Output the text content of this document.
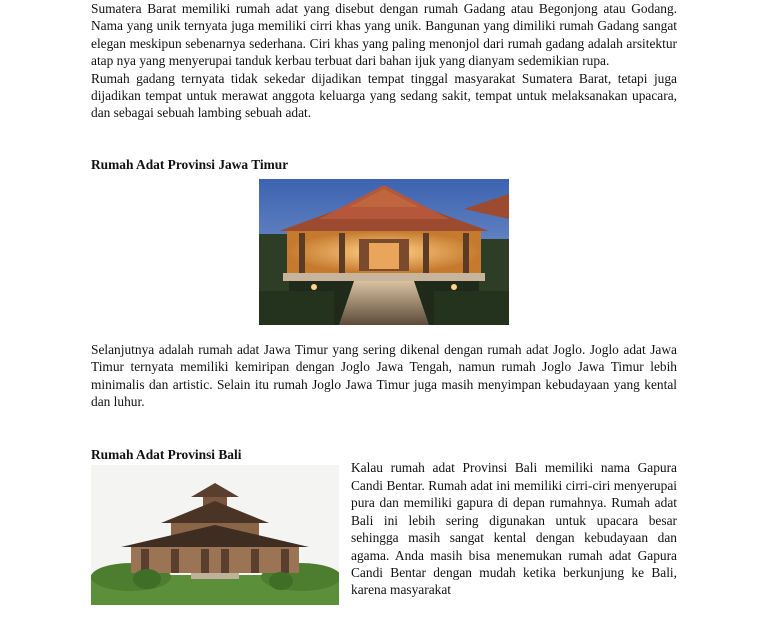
Sumatera Barat memiliki rumah adat yang disebut dengan rumah Gadang atau Begonjong atau Godang. Nama yang unik ternyata juga memiliki cirri khas yang unik. Bangunan yang dimiliki rumah Gadang sangat elegan meskipun sebenarnya sederhana. Ciri khas yang paling menonjol dari rumah gadang adalah arsitektur atap nya yang menyerupai tanduk kerbau terbuat dari bahan ijuk yang dianyam sedemikian rupa.

Rumah gadang ternyata tidak sekedar dijadikan tempat tinggal masyarakat Sumatera Barat, tetapi juga dijadikan tempat untuk merawat anggota keluarga yang sedang sakit, tempat untuk melaksanakan upacara, dan sebagai sebuah lambing sebuah adat.

Rumah Adat Provinsi Jawa Timur

Selanjutnya adalah rumah adat Jawa Timur yang sering dikenal dengan rumah adat Joglo. Joglo adat Jawa Timur ternyata memiliki kemiripan dengan Joglo Jawa Tengah, namun rumah Joglo Jawa Timur lebih minimalis dan artistic. Selain itu rumah Joglo Jawa Timur juga masih menyimpan kebudayaan yang kental dan luhur.

Rumah Adat Provinsi Bali

Kalau rumah adat Provinsi Bali memiliki nama Gapura Candi Bentar. Rumah adat ini memiliki cirri-ciri menyerupai pura dan memiliki gapura di depan rumahnya. Rumah adat Bali ini lebih sering digunakan untuk upacara besar sehingga masih sangat kental dengan kebudayaan dan agama. Anda masih bisa menemukan rumah adat Gapura Candi Bentar dengan mudah ketika berkunjung ke Bali, karena masyarakat
